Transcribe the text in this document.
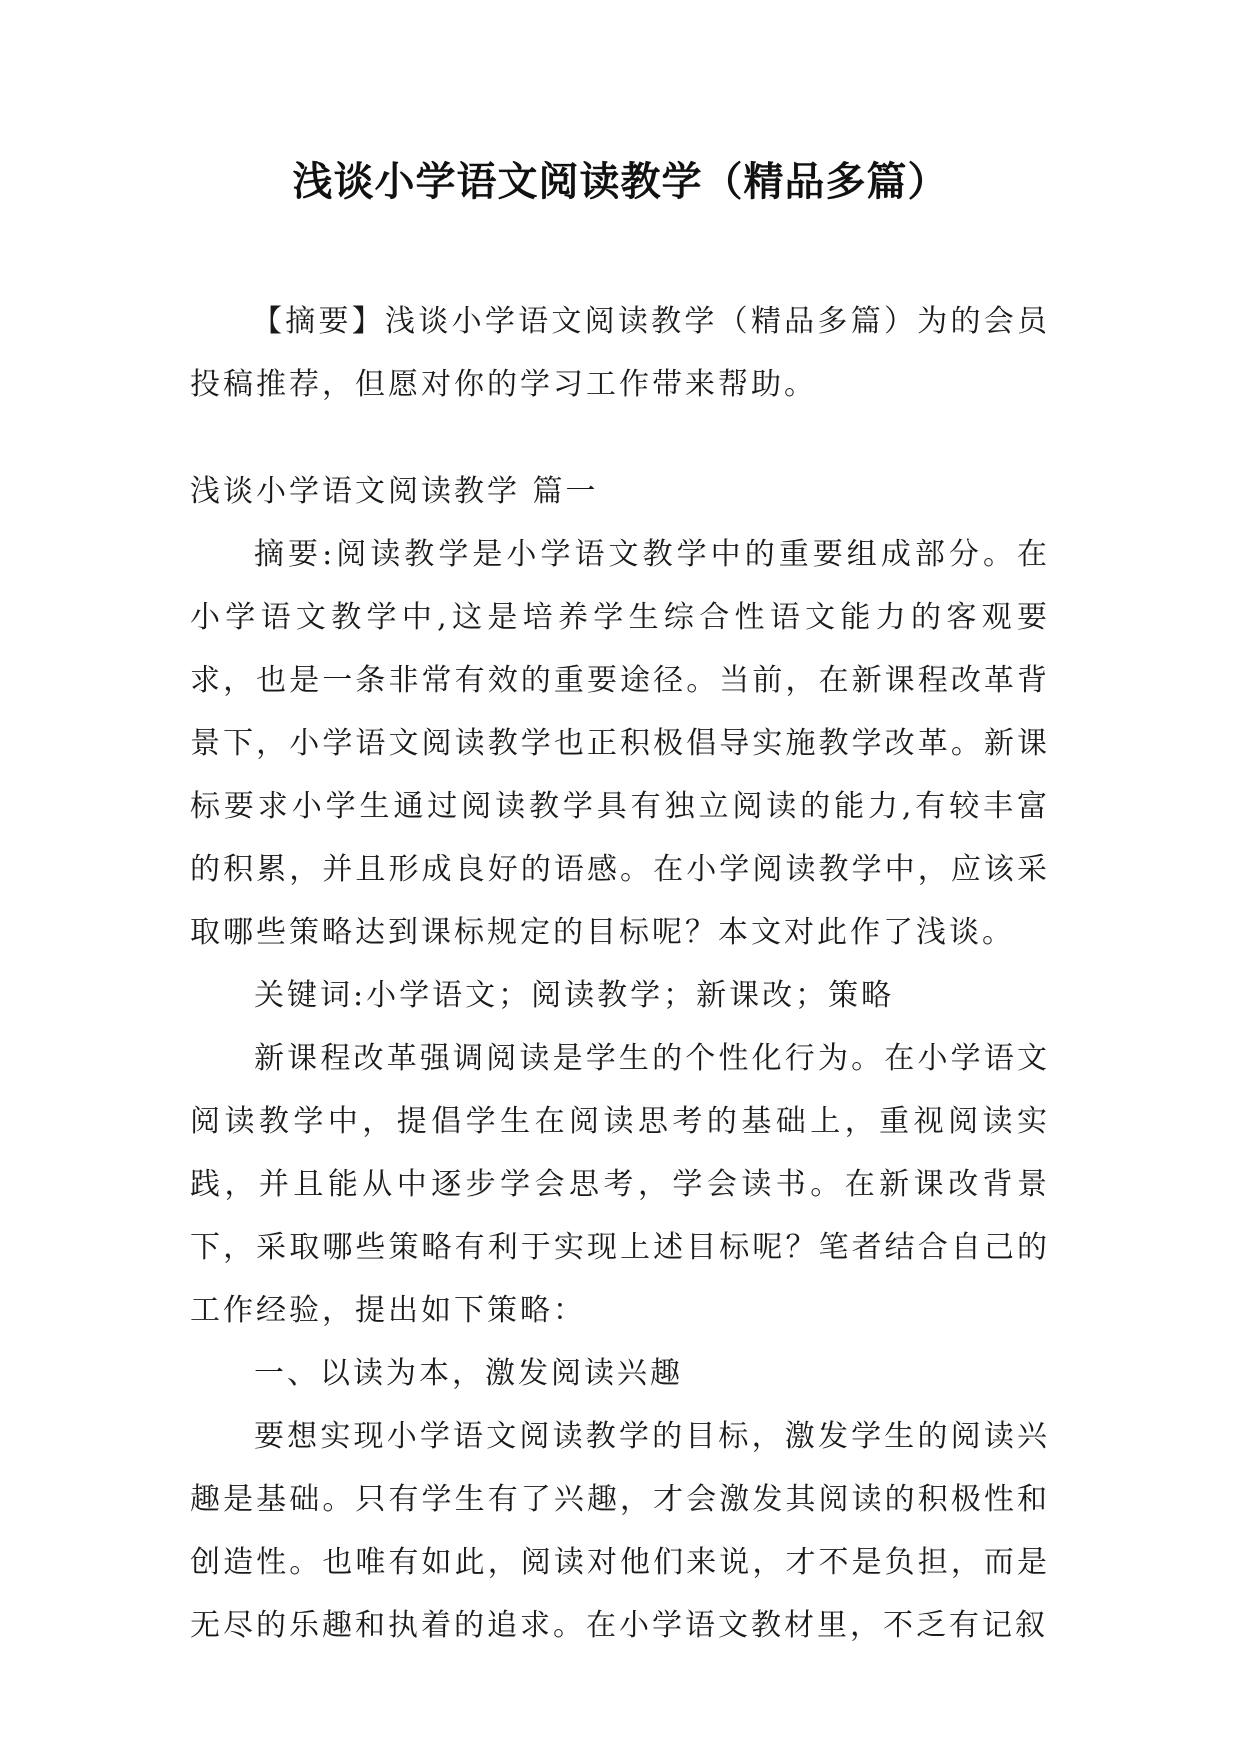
浅谈小学语文阅读教学（精品多篇）
【摘要】浅谈小学语文阅读教学（精品多篇）为的会员投稿推荐，但愿对你的学习工作带来帮助。

浅谈小学语文阅读教学 篇一

摘要:阅读教学是小学语文教学中的重要组成部分。在小学语文教学中,这是培养学生综合性语文能力的客观要求，也是一条非常有效的重要途径。当前，在新课程改革背景下，小学语文阅读教学也正积极倡导实施教学改革。新课标要求小学生通过阅读教学具有独立阅读的能力,有较丰富的积累，并且形成良好的语感。在小学阅读教学中，应该采取哪些策略达到课标规定的目标呢？本文对此作了浅谈。

关键词:小学语文；阅读教学；新课改；策略

新课程改革强调阅读是学生的个性化行为。在小学语文阅读教学中，提倡学生在阅读思考的基础上，重视阅读实践，并且能从中逐步学会思考，学会读书。在新课改背景下，采取哪些策略有利于实现上述目标呢？笔者结合自己的工作经验，提出如下策略：

一、以读为本，激发阅读兴趣

要想实现小学语文阅读教学的目标，激发学生的阅读兴趣是基础。只有学生有了兴趣，才会激发其阅读的积极性和创造性。也唯有如此，阅读对他们来说，才不是负担，而是无尽的乐趣和执着的追求。在小学语文教材里，不乏有记叙
